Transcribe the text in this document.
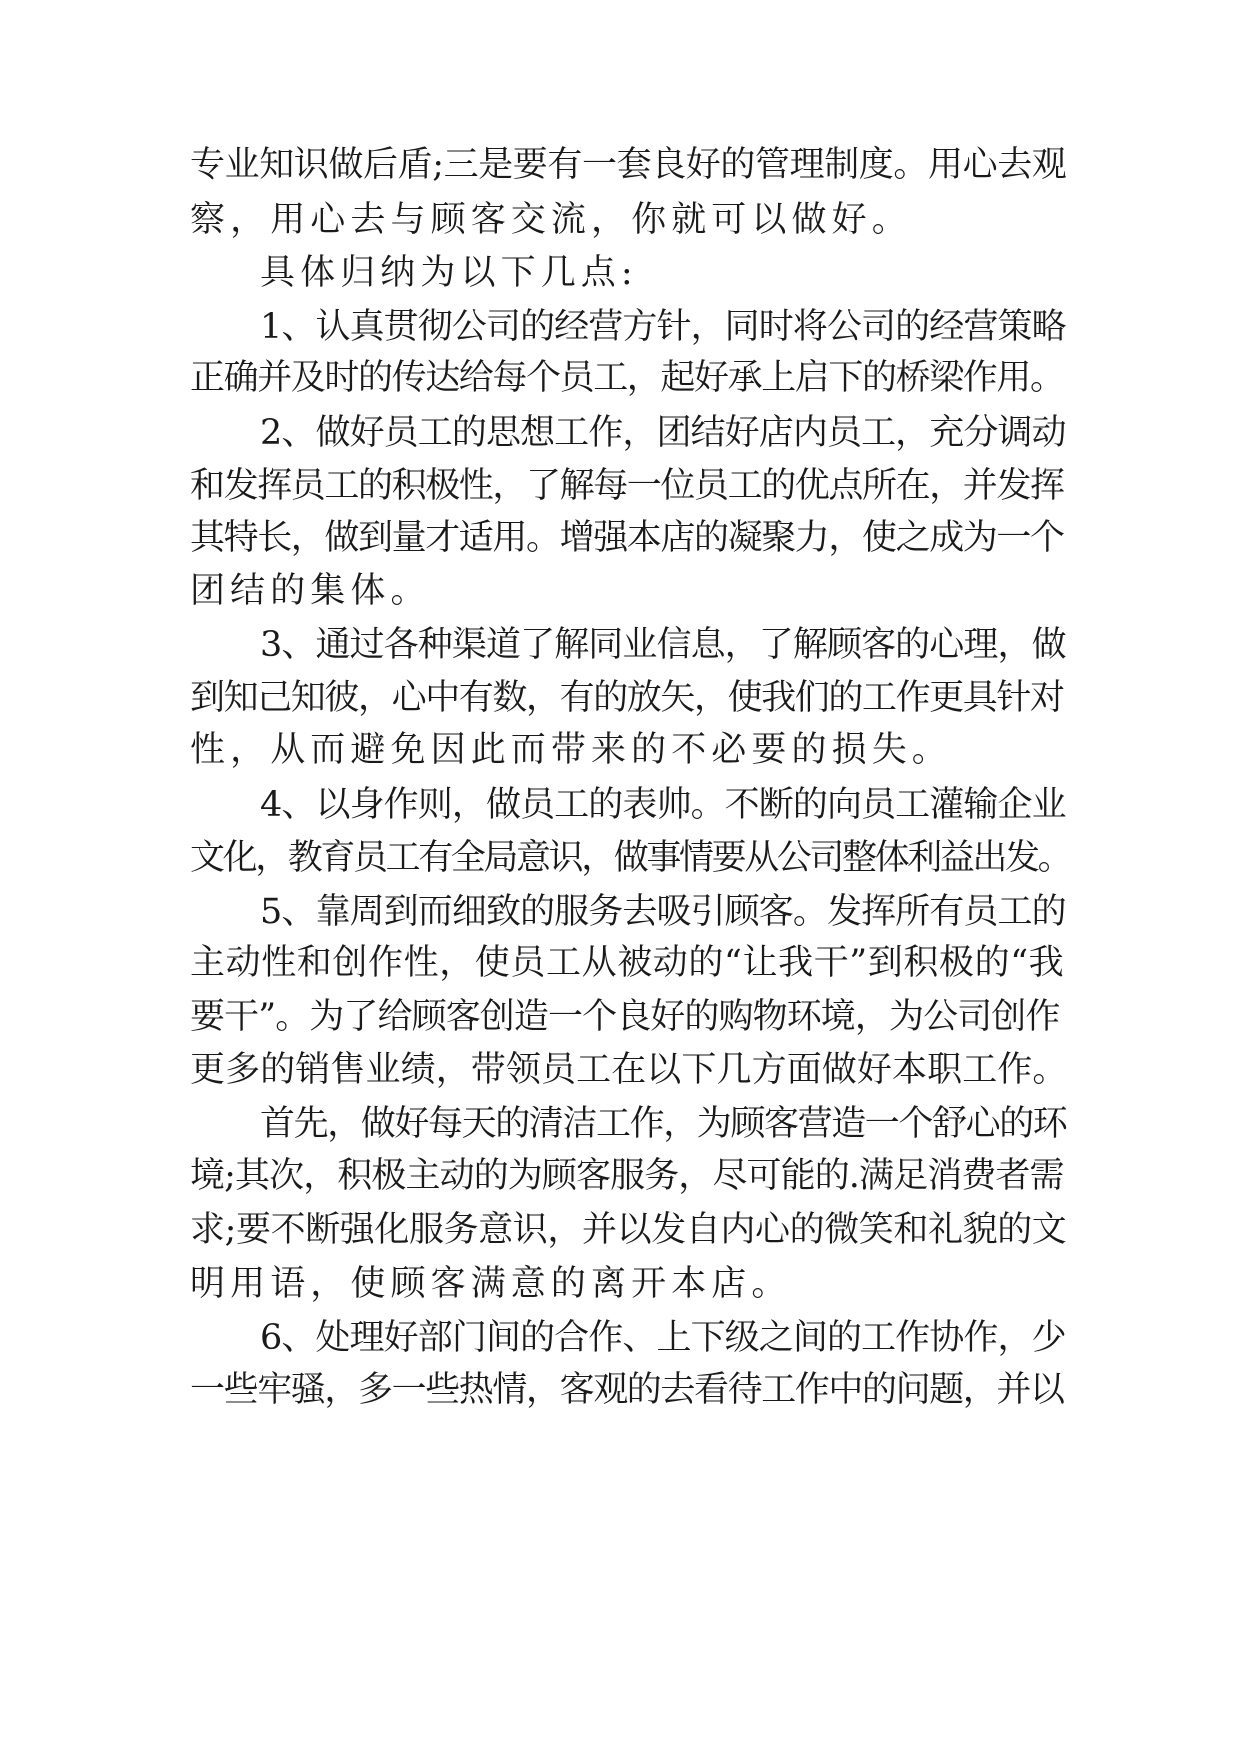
专业知识做后盾;三是要有一套良好的管理制度。用心去观
察，用心去与顾客交流，你就可以做好。
具体归纳为以下几点:
1、认真贯彻公司的经营方针，同时将公司的经营策略
正确并及时的传达给每个员工，起好承上启下的桥梁作用。
2、做好员工的思想工作，团结好店内员工，充分调动
和发挥员工的积极性，了解每一位员工的优点所在，并发挥
其特长，做到量才适用。增强本店的凝聚力，使之成为一个
团结的集体。
3、通过各种渠道了解同业信息，了解顾客的心理，做
到知己知彼，心中有数，有的放矢，使我们的工作更具针对
性，从而避免因此而带来的不必要的损失。
4、以身作则，做员工的表帅。不断的向员工灌输企业
文化，教育员工有全局意识，做事情要从公司整体利益出发。
5、靠周到而细致的服务去吸引顾客。发挥所有员工的
主动性和创作性，使员工从被动的“让我干”到积极的“我
要干”。为了给顾客创造一个良好的购物环境，为公司创作
更多的销售业绩，带领员工在以下几方面做好本职工作。
首先，做好每天的清洁工作，为顾客营造一个舒心的环
境;其次，积极主动的为顾客服务，尽可能的.满足消费者需
求;要不断强化服务意识，并以发自内心的微笑和礼貌的文
明用语，使顾客满意的离开本店。
6、处理好部门间的合作、上下级之间的工作协作，少
一些牢骚，多一些热情，客观的去看待工作中的问题，并以
